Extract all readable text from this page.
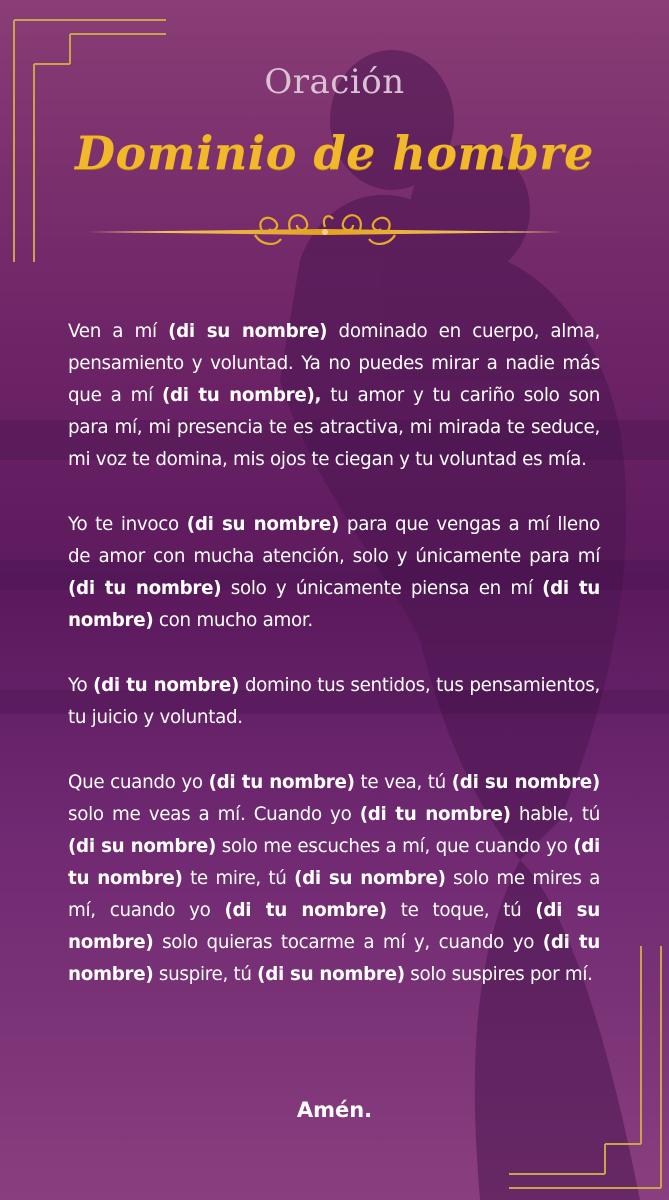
Oración
Dominio de hombre

Ven a mí (di su nombre) dominado en cuerpo, alma, pensamiento y voluntad. Ya no puedes mirar a nadie más que a mí (di tu nombre), tu amor y tu cariño solo son para mí, mi presencia te es atractiva, mi mirada te seduce, mi voz te domina, mis ojos te ciegan y tu voluntad es mía.

Yo te invoco (di su nombre) para que vengas a mí lleno de amor con mucha atención, solo y únicamente para mí (di tu nombre) solo y únicamente piensa en mí (di tu nombre) con mucho amor.

Yo (di tu nombre) domino tus sentidos, tus pensamientos, tu juicio y voluntad.

Que cuando yo (di tu nombre) te vea, tú (di su nombre) solo me veas a mí. Cuando yo (di tu nombre) hable, tú (di su nombre) solo me escuches a mí, que cuando yo (di tu nombre) te mire, tú (di su nombre) solo me mires a mí, cuando yo (di tu nombre) te toque, tú (di su nombre) solo quieras tocarme a mí y, cuando yo (di tu nombre) suspire, tú (di su nombre) solo suspires por mí.

Amén.
